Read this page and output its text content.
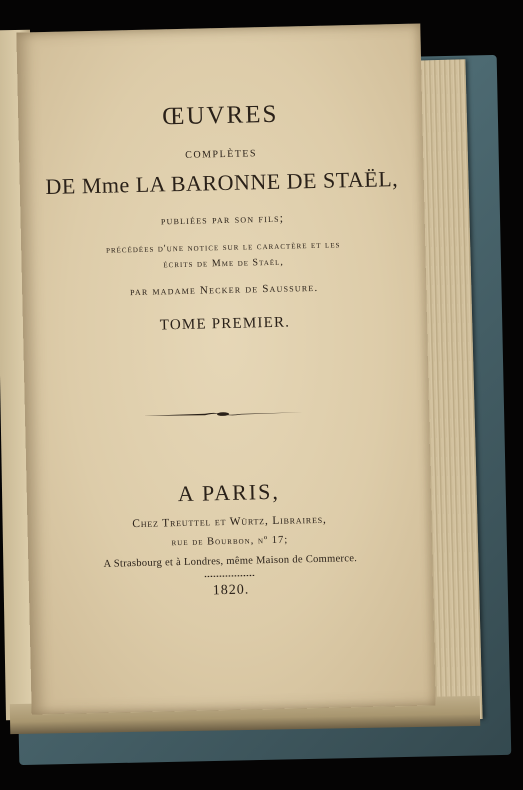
ŒUVRES
complètes
DE Mme LA BARONNE DE STAËL,
publiées par son fils;
précédées d'une notice sur le caractère et les
écrits de Mme de Staël,
par madame Necker de Saussure.
TOME PREMIER.
A PARIS,
Chez Treuttel et Würtz, Libraires,
rue de Bourbon, nº 17;
A Strasbourg et à Londres, même Maison de Commerce.
1820.
